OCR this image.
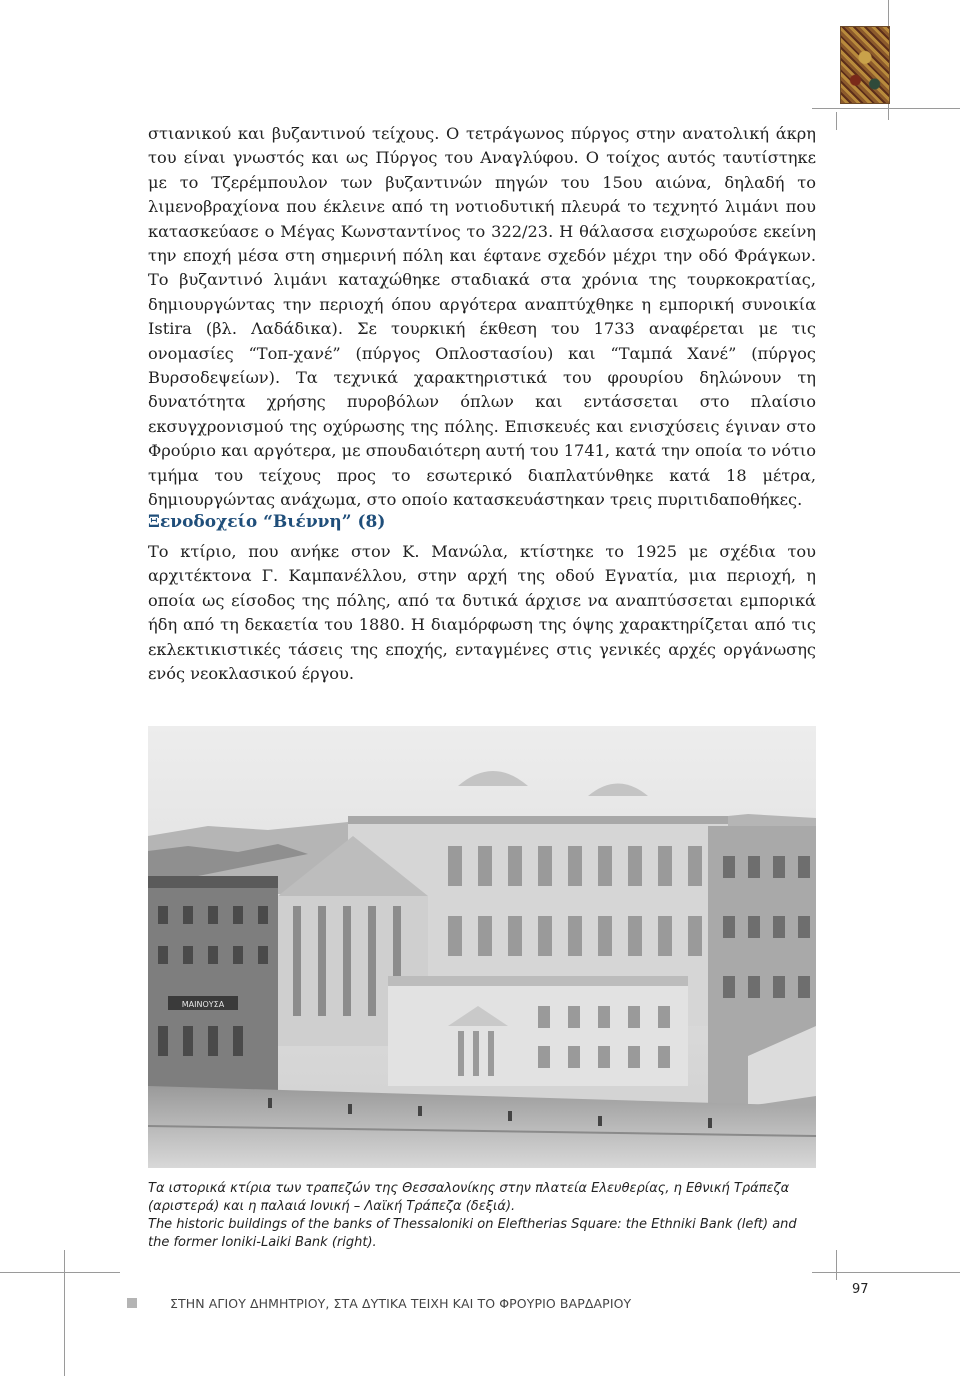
στιανικού και βυζαντινού τείχους. Ο τετράγωνος πύργος στην ανατολική άκρη του είναι γνωστός και ως Πύργος του Αναγλύφου. Ο τοίχος αυτός ταυτίστηκε με το Τζερέμπουλον των βυζαντινών πηγών του 15ου αιώνα, δηλαδή το λιμενοβραχίονα που έκλεινε από τη νοτιοδυτική πλευρά το τεχνητό λιμάνι που κατασκεύασε ο Μέγας Κωνσταντίνος το 322/23. Η θάλασσα εισχωρούσε εκείνη την εποχή μέσα στη σημερινή πόλη και έφτανε σχεδόν μέχρι την οδό Φράγκων. Το βυζαντινό λιμάνι καταχώθηκε σταδιακά στα χρόνια της τουρκοκρατίας, δημιουργώντας την περιοχή όπου αργότερα αναπτύχθηκε η εμπορική συνοικία Istira (βλ. Λαδάδικα). Σε τουρκική έκθεση του 1733 αναφέρεται με τις ονομασίες “Τοπ-χανέ” (πύργος Οπλοστασίου) και “Ταμπά Χανέ” (πύργος Βυρσοδεψείων). Τα τεχνικά χαρακτηριστικά του φρουρίου δηλώνουν τη δυνατότητα χρήσης πυροβόλων όπλων και εντάσσεται στο πλαίσιο εκσυγχρονισμού της οχύρωσης της πόλης. Επισκευές και ενισχύσεις έγιναν στο Φρούριο και αργότερα, με σπουδαιότερη αυτή του 1741, κατά την οποία το νότιο τμήμα του τείχους προς το εσωτερικό διαπλατύνθηκε κατά 18 μέτρα, δημιουργώντας ανάχωμα, στο οποίο κατασκευάστηκαν τρεις πυριτιδαποθήκες.

Ξενοδοχείο “Βιέννη” (8)

Το κτίριο, που ανήκε στον Κ. Μανώλα, κτίστηκε το 1925 με σχέδια του αρχιτέκτονα Γ. Καμπανέλλου, στην αρχή της οδού Εγνατία, μια περιοχή, η οποία ως είσοδος της πόλης, από τα δυτικά άρχισε να αναπτύσσεται εμπορικά ήδη από τη δεκαετία του 1880. Η διαμόρφωση της όψης χαρακτηρίζεται από τις εκλεκτικιστικές τάσεις της εποχής, ενταγμένες στις γενικές αρχές οργάνωσης ενός νεοκλασικού έργου.

ΜΑΙΝΟΥΣΑ

Τα ιστορικά κτίρια των τραπεζών της Θεσσαλονίκης στην πλατεία Ελευθερίας, η Εθνική Τράπεζα (αριστερά) και η παλαιά Ιονική – Λαϊκή Τράπεζα (δεξιά).
The historic buildings of the banks of Thessaloniki on Eleftherias Square: the Ethniki Bank (left) and the former Ioniki-Laiki Bank (right).

ΣΤΗΝ ΑΓΙΟΥ ΔΗΜΗΤΡΙΟΥ, ΣΤΑ ΔΥΤΙΚΑ ΤΕΙΧΗ ΚΑΙ ΤΟ ΦΡΟΥΡΙΟ ΒΑΡΔΑΡΙΟΥ
97
